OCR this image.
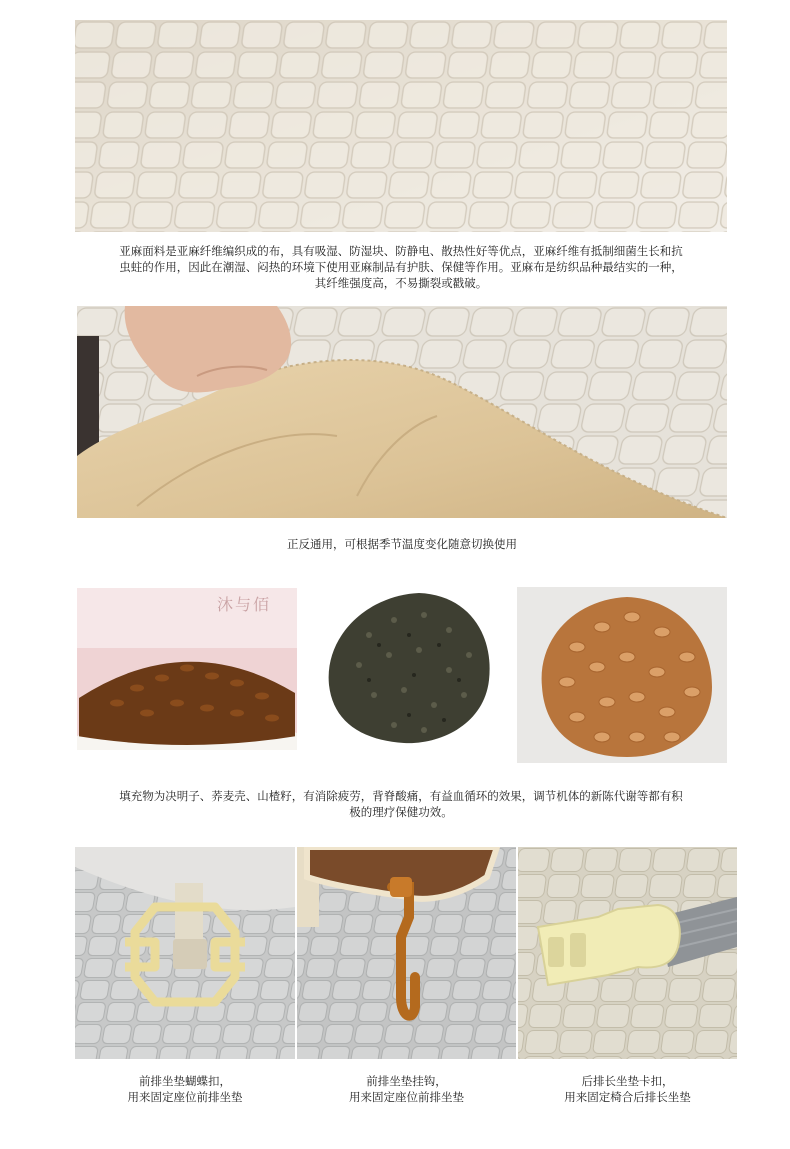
亚麻面料是亚麻纤维编织成的布，具有吸湿、防湿块、防静电、散热性好等优点，亚麻纤维有抵制细菌生长和抗
虫蛀的作用，因此在潮湿、闷热的环境下使用亚麻制品有护肤、保健等作用。亚麻布是纺织品种最结实的一种，
其纤维强度高，不易撕裂或戳破。
正反通用，可根据季节温度变化随意切换使用
沐与佰
填充物为决明子、荞麦壳、山楂籽，有消除疲劳，背脊酸痛，有益血循环的效果，调节机体的新陈代谢等都有积
极的理疗保健功效。
前排坐垫蝴蝶扣，
用来固定座位前排坐垫
前排坐垫挂钩，
用来固定座位前排坐垫
后排长坐垫卡扣，
用来固定椅合后排长坐垫
